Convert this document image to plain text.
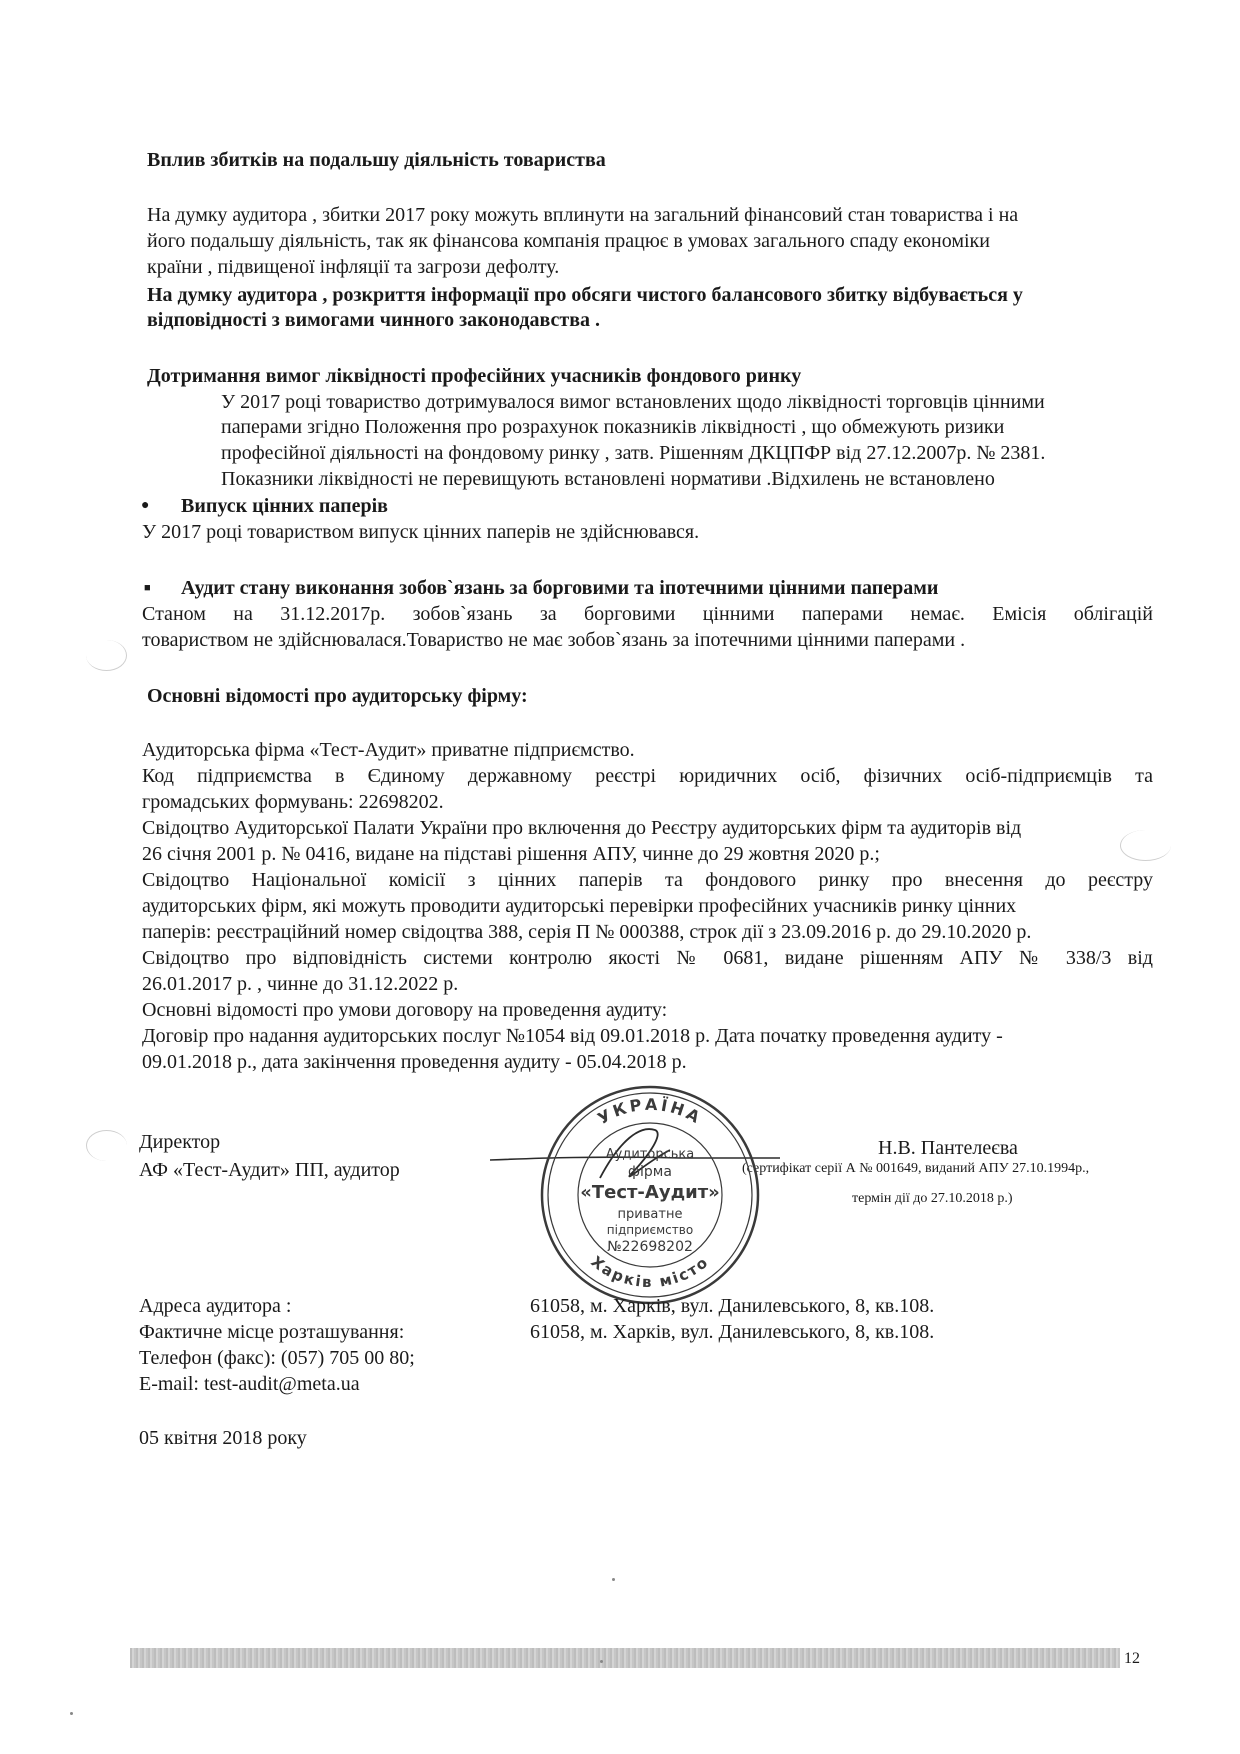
Вплив збитків на подальшу діяльність товариства

На думку аудитора , збитки 2017 року можуть вплинути на загальний фінансовий стан товариства і на

його подальшу діяльність, так як фінансова компанія працює в умовах загального спаду економіки

країни , підвищеної інфляції та загрози дефолту.

На думку аудитора , розкриття інформації про обсяги чистого балансового збитку відбувається у

відповідності з вимогами чинного законодавства .

Дотримання вимог ліквідності професійних учасників фондового ринку

У 2017 році товариство дотримувалося вимог встановлених щодо ліквідності торговців цінними

паперами згідно Положення про розрахунок показників ліквідності , що обмежують ризики

професійної діяльності на фондовому ринку , затв. Рішенням ДКЦПФР від 27.12.2007р. № 2381.

Показники ліквідності не перевищують встановлені нормативи .Відхилень не встановлено

● Випуск цінних паперів

У 2017 році товариством випуск цінних паперів не здійснювався.

■ Аудит стану виконання зобов`язань за борговими та іпотечними цінними паперами

Станом на 31.12.2017р. зобов`язань за борговими цінними паперами немає. Емісія облігацій

товариством не здійснювалася.Товариство не має зобов`язань за іпотечними цінними паперами .

Основні відомості про аудиторську фірму:

Аудиторська фірма «Тест-Аудит» приватне підприємство.

Код підприємства в Єдиному державному реєстрі юридичних осіб, фізичних осіб-підприємців та

громадських формувань: 22698202.

Свідоцтво Аудиторської Палати України про включення до Реєстру аудиторських фірм та аудиторів від

26 січня 2001 р. № 0416, видане на підставі рішення АПУ, чинне до 29 жовтня 2020 р.;

Свідоцтво Національної комісії з цінних паперів та фондового ринку про внесення до реєстру

аудиторських фірм, які можуть проводити аудиторські перевірки професійних учасників ринку цінних

паперів: реєстраційний номер свідоцтва 388, серія П № 000388, строк дії з 23.09.2016 р. до 29.10.2020 р.

Свідоцтво про відповідність системи контролю якості № 0681, видане рішенням АПУ № 338/3 від

26.01.2017 р. , чинне до 31.12.2022 р.

Основні відомості про умови договору на проведення аудиту:

Договір про надання аудиторських послуг №1054 від 09.01.2018 р. Дата початку проведення аудиту -

09.01.2018 р., дата закінчення проведення аудиту - 05.04.2018 р.

Директор

АФ «Тест-Аудит» ПП, аудитор

Н.В. Пантелеєва

(сертифікат серії А № 001649, виданий АПУ 27.10.1994р.,

термін дії до 27.10.2018 р.)

УКРАЇНА
Харків місто
Аудиторська
фірма
«Тест-Аудит»
приватне
підприємство
№22698202

Адреса аудитора :	61058, м. Харків, вул. Данилевського, 8, кв.108.

Фактичне місце розташування:	61058, м. Харків, вул. Данилевського, 8, кв.108.

Телефон (факс): (057) 705 00 80;

E-mail: test-audit@meta.ua

05 квітня 2018 року

12
